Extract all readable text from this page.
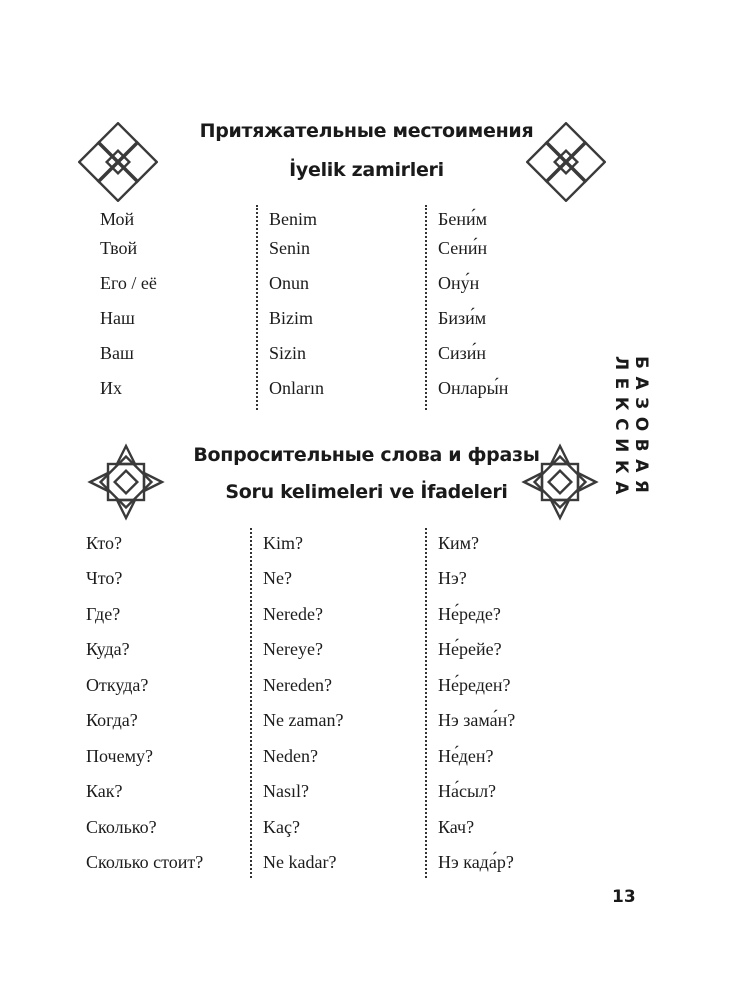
Притяжательные местоимения
İyelik zamirleri
Мой
Твой
Его / её
Наш
Ваш
Их
Benim
Senin
Onun
Bizim
Sizin
Onların
Бени́м
Сени́н
Ону́н
Бизи́м
Сизи́н
Онлары́н
Вопросительные слова и фразы
Soru kelimeleri ve İfadeleri
Кто?
Что?
Где?
Куда?
Откуда?
Когда?
Почему?
Как?
Сколько?
Сколько стоит?
Kim?
Ne?
Nerede?
Nereye?
Nereden?
Ne zaman?
Neden?
Nasıl?
Kaç?
Ne kadar?
Ким?
Нэ?
Не́реде?
Не́рейе?
Не́реден?
Нэ зама́н?
Не́ден?
На́сыл?
Кач?
Нэ када́р?
БАЗОВАЯ ЛЕКСИКА
13
